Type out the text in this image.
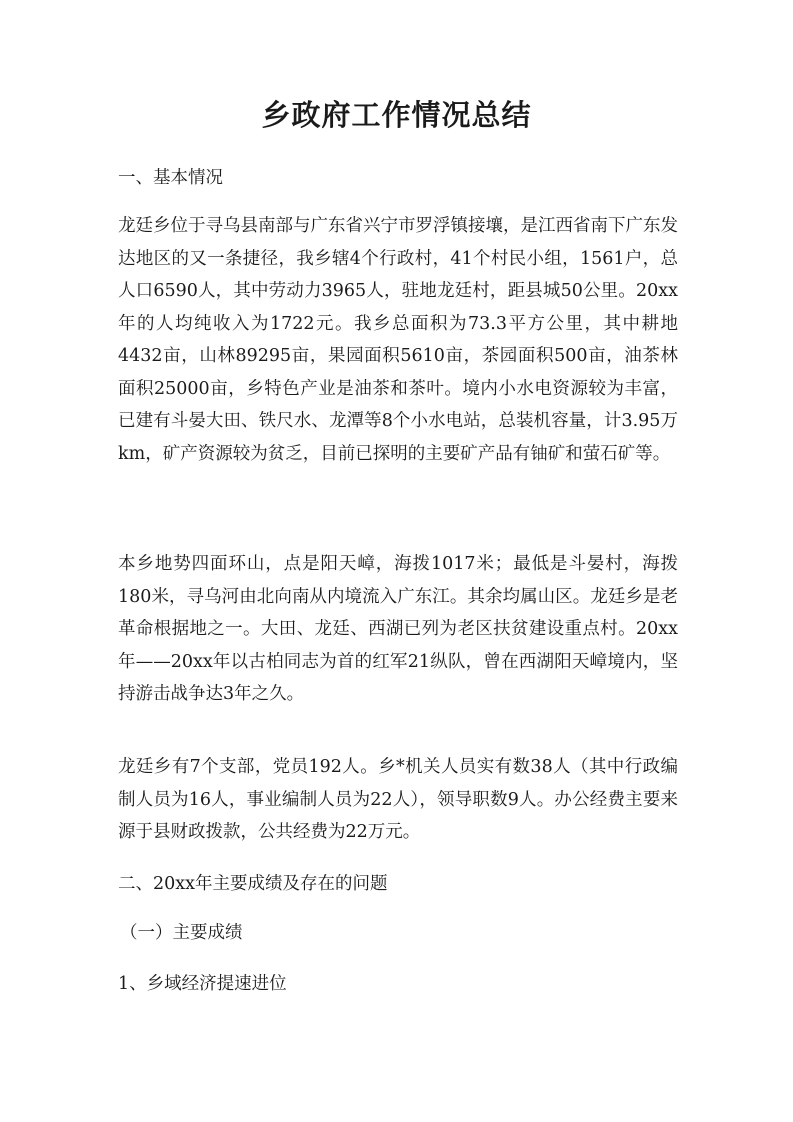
乡政府工作情况总结
一、基本情况
龙廷乡位于寻乌县南部与广东省兴宁市罗浮镇接壤，是江西省南下广东发达地区的又一条捷径，我乡辖4个行政村，41个村民小组，1561户，总人口6590人，其中劳动力3965人，驻地龙廷村，距县城50公里。20xx年的人均纯收入为1722元。我乡总面积为73.3平方公里，其中耕地4432亩，山林89295亩，果园面积5610亩，茶园面积500亩，油茶林面积25000亩，乡特色产业是油茶和茶叶。境内小水电资源较为丰富，已建有斗晏大田、铁尺水、龙潭等8个小水电站，总装机容量，计3.95万km，矿产资源较为贫乏，目前已探明的主要矿产品有铀矿和萤石矿等。
本乡地势四面环山，点是阳天嶂，海拨1017米；最低是斗晏村，海拨180米，寻乌河由北向南从内境流入广东江。其余均属山区。龙廷乡是老革命根据地之一。大田、龙廷、西湖已列为老区扶贫建设重点村。20xx年——20xx年以古柏同志为首的红军21纵队，曾在西湖阳天嶂境内，坚持游击战争达3年之久。
龙廷乡有7个支部，党员192人。乡*机关人员实有数38人（其中行政编制人员为16人，事业编制人员为22人），领导职数9人。办公经费主要来源于县财政拨款，公共经费为22万元。
二、20xx年主要成绩及存在的问题
（一）主要成绩
1、乡域经济提速进位
